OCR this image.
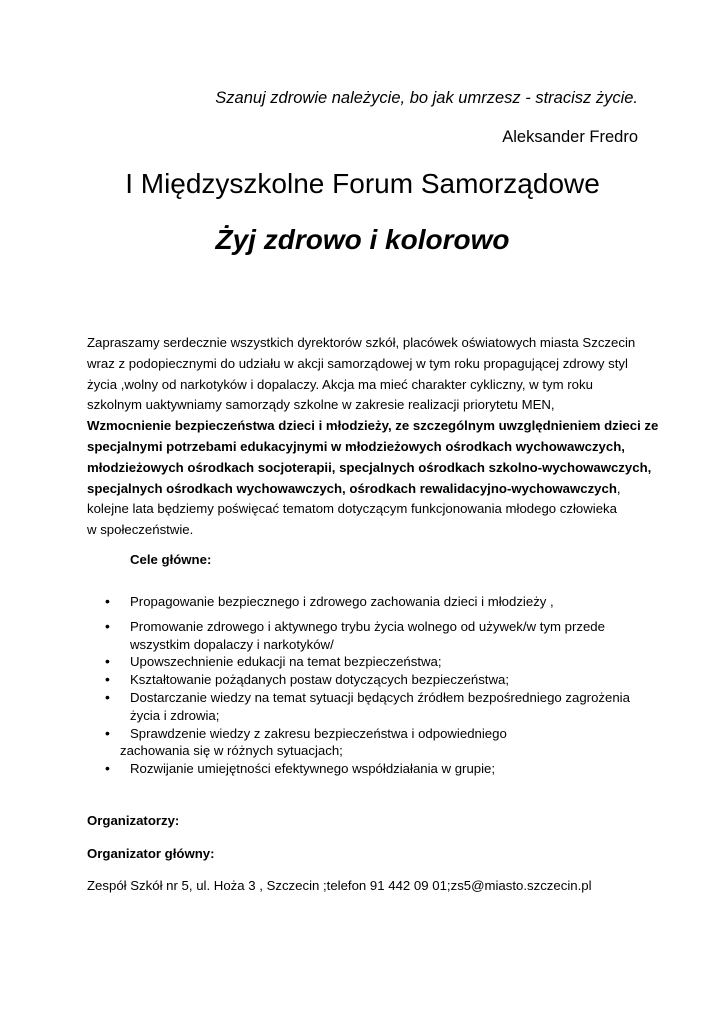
Szanuj zdrowie należycie, bo jak umrzesz - stracisz życie.
Aleksander Fredro
I Międzyszkolne Forum Samorządowe
Żyj zdrowo i kolorowo
Zapraszamy serdecznie wszystkich dyrektorów szkół, placówek oświatowych miasta Szczecin
wraz z podopiecznymi do udziału w akcji samorządowej w tym roku propagującej zdrowy styl
życia ,wolny od narkotyków i dopalaczy. Akcja ma mieć charakter cykliczny, w tym roku
szkolnym uaktywniamy samorządy szkolne w zakresie realizacji priorytetu MEN,
Wzmocnienie bezpieczeństwa dzieci i młodzieży, ze szczególnym uwzględnieniem dzieci ze
specjalnymi potrzebami edukacyjnymi w młodzieżowych ośrodkach wychowawczych,
młodzieżowych ośrodkach socjoterapii, specjalnych ośrodkach szkolno-wychowawczych,
specjalnych ośrodkach wychowawczych, ośrodkach rewalidacyjno-wychowawczych,
kolejne lata będziemy poświęcać tematom dotyczącym funkcjonowania młodego człowieka
w społeczeństwie.
Cele główne:
• Propagowanie bezpiecznego i zdrowego zachowania dzieci i młodzieży ,
• Promowanie zdrowego i aktywnego trybu życia wolnego od używek/w tym przede
wszystkim dopalaczy i narkotyków/
• Upowszechnienie edukacji na temat bezpieczeństwa;
• Kształtowanie pożądanych postaw dotyczących bezpieczeństwa;
• Dostarczanie wiedzy na temat sytuacji będących źródłem bezpośredniego zagrożenia
życia i zdrowia;
• Sprawdzenie wiedzy z zakresu bezpieczeństwa i odpowiedniego
zachowania się w różnych sytuacjach;
• Rozwijanie umiejętności efektywnego współdziałania w grupie;
Organizatorzy:
Organizator główny:
Zespół Szkół nr 5, ul. Hoża 3 , Szczecin ;telefon 91 442 09 01;zs5@miasto.szczecin.pl
